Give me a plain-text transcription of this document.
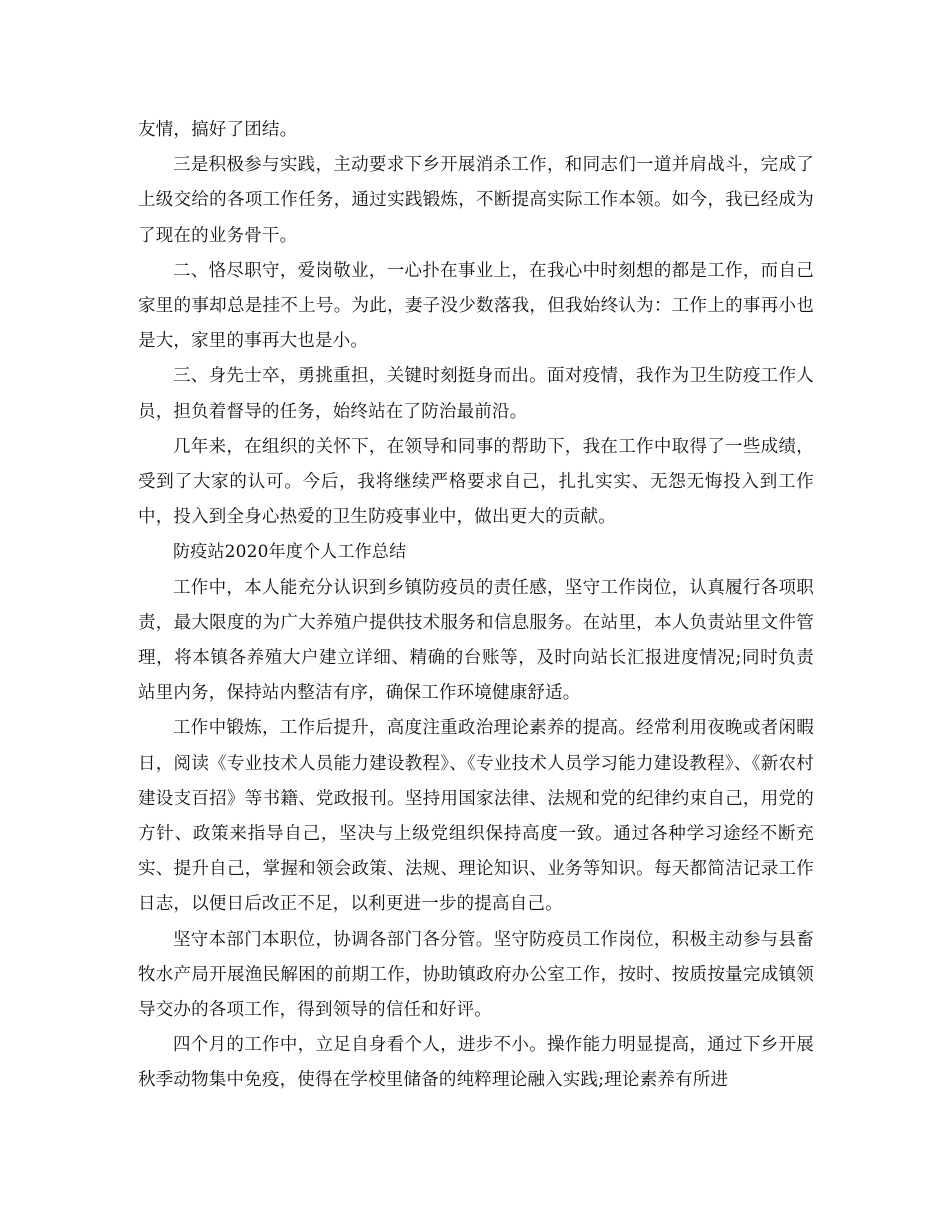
友情，搞好了团结。

三是积极参与实践，主动要求下乡开展消杀工作，和同志们一道并肩战斗，完成了上级交给的各项工作任务，通过实践锻炼，不断提高实际工作本领。如今，我已经成为了现在的业务骨干。

二、恪尽职守，爱岗敬业，一心扑在事业上，在我心中时刻想的都是工作，而自己家里的事却总是挂不上号。为此，妻子没少数落我，但我始终认为：工作上的事再小也是大，家里的事再大也是小。

三、身先士卒，勇挑重担，关键时刻挺身而出。面对疫情，我作为卫生防疫工作人员，担负着督导的任务，始终站在了防治最前沿。

几年来，在组织的关怀下，在领导和同事的帮助下，我在工作中取得了一些成绩，受到了大家的认可。今后，我将继续严格要求自己，扎扎实实、无怨无悔投入到工作中，投入到全身心热爱的卫生防疫事业中，做出更大的贡献。

防疫站2020年度个人工作总结

工作中，本人能充分认识到乡镇防疫员的责任感，坚守工作岗位，认真履行各项职责，最大限度的为广大养殖户提供技术服务和信息服务。在站里，本人负责站里文件管理，将本镇各养殖大户建立详细、精确的台账等，及时向站长汇报进度情况;同时负责站里内务，保持站内整洁有序，确保工作环境健康舒适。

工作中锻炼，工作后提升，高度注重政治理论素养的提高。经常利用夜晚或者闲暇日，阅读《专业技术人员能力建设教程》、《专业技术人员学习能力建设教程》、《新农村建设支百招》等书籍、党政报刊。坚持用国家法律、法规和党的纪律约束自己，用党的方针、政策来指导自己，坚决与上级党组织保持高度一致。通过各种学习途经不断充实、提升自己，掌握和领会政策、法规、理论知识、业务等知识。每天都简洁记录工作日志，以便日后改正不足，以利更进一步的提高自己。

坚守本部门本职位，协调各部门各分管。坚守防疫员工作岗位，积极主动参与县畜牧水产局开展渔民解困的前期工作，协助镇政府办公室工作，按时、按质按量完成镇领导交办的各项工作，得到领导的信任和好评。

四个月的工作中，立足自身看个人，进步不小。操作能力明显提高，通过下乡开展秋季动物集中免疫，使得在学校里储备的纯粹理论融入实践;理论素养有所进
